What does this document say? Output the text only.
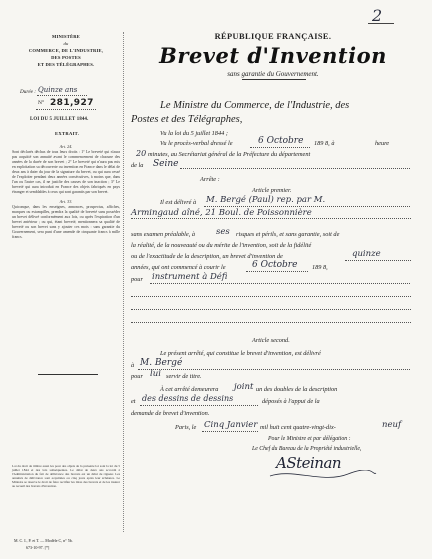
2
MINISTÈRE
du
COMMERCE, DE L'INDUSTRIE,
DES POSTES
ET DES TÉLÉGRAPHES.
Durée : Quinze ans
N° 281,927
LOI DU 5 JUILLET 1844.
EXTRAIT.
Art. 24.

Sont déclarés déchus de tous leurs droits : 1° Le breveté qui n'aura pas acquitté son annuité avant le commencement de chacune des années de la durée de son brevet ; 2° Le breveté qui n'aura pas mis en exploitation sa découverte ou invention en France dans le délai de deux ans à dater du jour de la signature du brevet, ou qui aura cessé de l'exploiter pendant deux années consécutives, à moins que, dans l'un ou l'autre cas, il ne justifie des causes de son inaction ; 3° Le breveté qui aura introduit en France des objets fabriqués en pays étranger et semblables à ceux qui sont garantis par son brevet.

Art. 33.

Quiconque, dans les enseignes, annonces, prospectus, affiches, marques ou estampilles, prendra la qualité de breveté sans posséder un brevet délivré conformément aux lois, ou après l'expiration d'un brevet antérieur ; ou qui, étant breveté, mentionnera sa qualité de breveté ou son brevet sans y ajouter ces mots : sans garantie du Gouvernement, sera puni d'une amende de cinquante francs à mille francs.

Loi du droit de timbre aussi les pour des objets de la présente loi sont la loi du 5 juillet 1844 et des lois subséquentes. Le délai de deux ans accordé à l'Administration du fait de délivrance des brevets est un délai de rigueur. Les annuités de délivrance sont acquittées ou cinq jours après leur échéance. Le Ministre se réserve le droit de faire rectifier les titres des brevets et de les insérer au recueil des brevets d'invention.

M. C. I., P. et T. — Modèle C, n° 5b.
673-10-97. [*]
RÉPUBLIQUE FRANÇAISE.
Brevet d'Invention
sans garantie du Gouvernement.
Le Ministre du Commerce, de l'Industrie, des
Postes et des Télégraphes,
Vu la loi du 5 juillet 1844 ;
Vu le procès-verbal dressé le	6 Octobre 189 8, à	heure
20 minutes, au Secrétariat général de la Préfecture du département
de la Seine
Arrête :
Article premier.
Il est délivré à M. Bergé (Paul) rep. par M.
Armingaud aîné, 21 Boul. de Poissonnière
sans examen préalable, à ses risques et périls, et sans garantie, soit de
la réalité, de la nouveauté ou du mérite de l'invention, soit de la fidélité
ou de l'exactitude de la description, un brevet d'invention de	quinze
années, qui ont commencé à courir le	6 Octobre 189 8,
pour instrument à Défi
Article second.
Le présent arrêté, qui constitue le brevet d'invention, est délivré
à M. Bergé
pour lui servir de titre.
À cet arrêté demeurera joint un des doubles de la description
et des dessins de dessins	déposés à l'appui de la
demande de brevet d'invention.
Paris, le Cinq Janvier mil huit cent quatre-vingt-dix-	neuf
Pour le Ministre et par délégation :
Le Chef du Bureau de la Propriété industrielle,
ASteinan
